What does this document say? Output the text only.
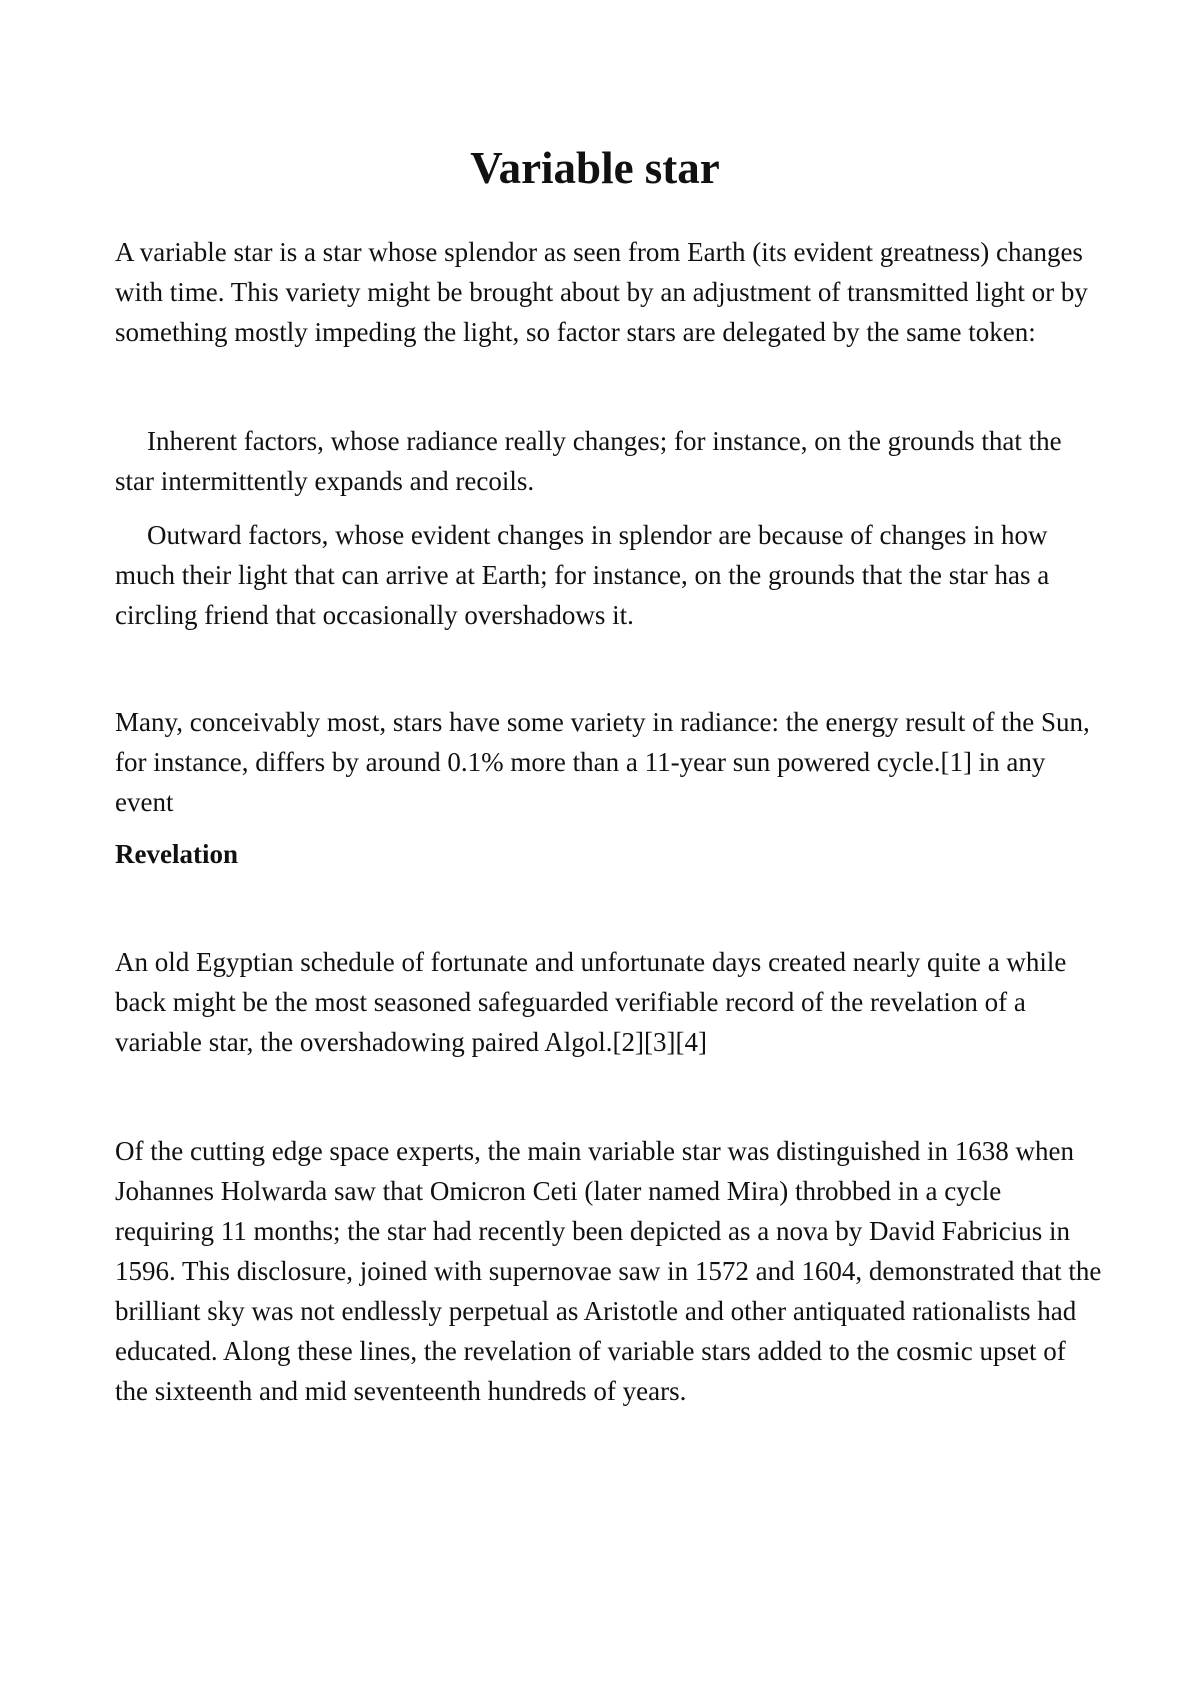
Variable star

A variable star is a star whose splendor as seen from Earth (its evident greatness) changes with time. This variety might be brought about by an adjustment of transmitted light or by something mostly impeding the light, so factor stars are delegated by the same token:

Inherent factors, whose radiance really changes; for instance, on the grounds that the star intermittently expands and recoils.

Outward factors, whose evident changes in splendor are because of changes in how much their light that can arrive at Earth; for instance, on the grounds that the star has a circling friend that occasionally overshadows it.

Many, conceivably most, stars have some variety in radiance: the energy result of the Sun, for instance, differs by around 0.1% more than a 11-year sun powered cycle.[1] in any event

Revelation

An old Egyptian schedule of fortunate and unfortunate days created nearly quite a while back might be the most seasoned safeguarded verifiable record of the revelation of a variable star, the overshadowing paired Algol.[2][3][4]

Of the cutting edge space experts, the main variable star was distinguished in 1638 when Johannes Holwarda saw that Omicron Ceti (later named Mira) throbbed in a cycle requiring 11 months; the star had recently been depicted as a nova by David Fabricius in 1596. This disclosure, joined with supernovae saw in 1572 and 1604, demonstrated that the brilliant sky was not endlessly perpetual as Aristotle and other antiquated rationalists had educated. Along these lines, the revelation of variable stars added to the cosmic upset of the sixteenth and mid seventeenth hundreds of years.
